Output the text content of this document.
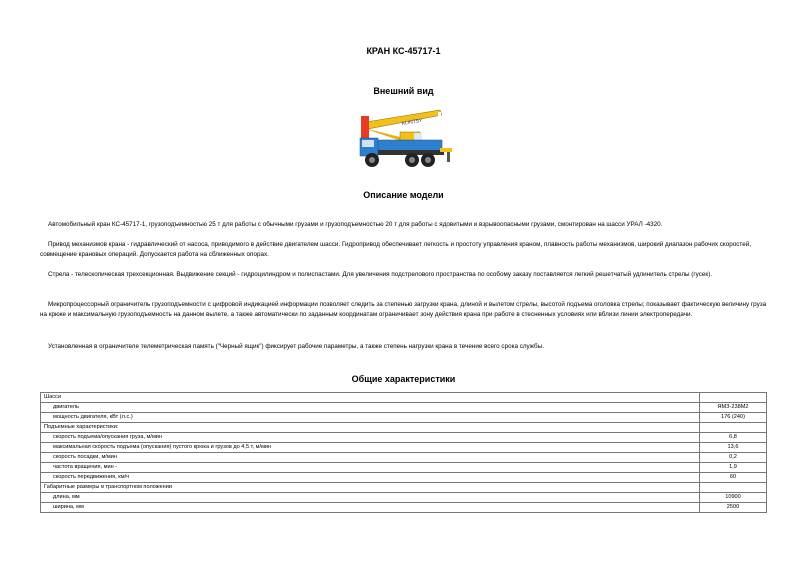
КРАН КС-45717-1
Внешний вид
KLINTSY
Описание модели
Автомобильный кран КС-45717-1, грузоподъемностью 25 т для работы с обычными грузами и грузоподъемностью 20 т для работы с ядовитыми и взрывоопасными грузами, смонтирован на шасси УРАЛ -4320.
Привод механизмов крана - гидравлический от насоса, приводимого в действие двигателем шасси. Гидропривод обеспечивает легкость и простоту управления краном, плавность работы механизмов, широкий диапазон рабочих скоростей, совмещение крановых операций. Допускается работа на сближенных опорах.
Стрела - телескопическая трехсекционная. Выдвижение секций - гидроцилиндром и полиспастами. Для увеличения подстрелового пространства по особому заказу поставляется легкий решетчатый удлинитель стрелы (гусек).
Микропроцессорный ограничитель грузоподъемности с цифровой индикацией информации позволяет следить за степенью загрузки крана, длиной и вылетом стрелы, высотой подъема оголовка стрелы; показывает фактическую величину груза на крюке и максимальную грузоподъемность на данном вылете, а также автоматически по заданным координатам ограничивает зону действия крана при работе в стесненных условиях или вблизи линии электропередачи.
Установленная в ограничителе телеметрическая память ("Черный ящик") фиксирует рабочие параметры, а также степень нагрузки крана в течение всего срока службы.
Общие характеристики
Шасси	
двигатель	ЯМЗ-238М2
мощность двигателя, кВт (л.с.)	176 (240)
Подъемные характеристики:	
скорость подъема/опускания груза, м/мин	6,8
максимальная скорость подъема (опускания) пустого крюка и грузов до 4,5 т, м/мин	13,6
скорость посадки, м/мин	0,2
частота вращения, мин -	1,9
скорость передвижения, км/ч	60
Габаритные размеры в транспортном положении	
длина, мм	10900
ширина, мм	2500
